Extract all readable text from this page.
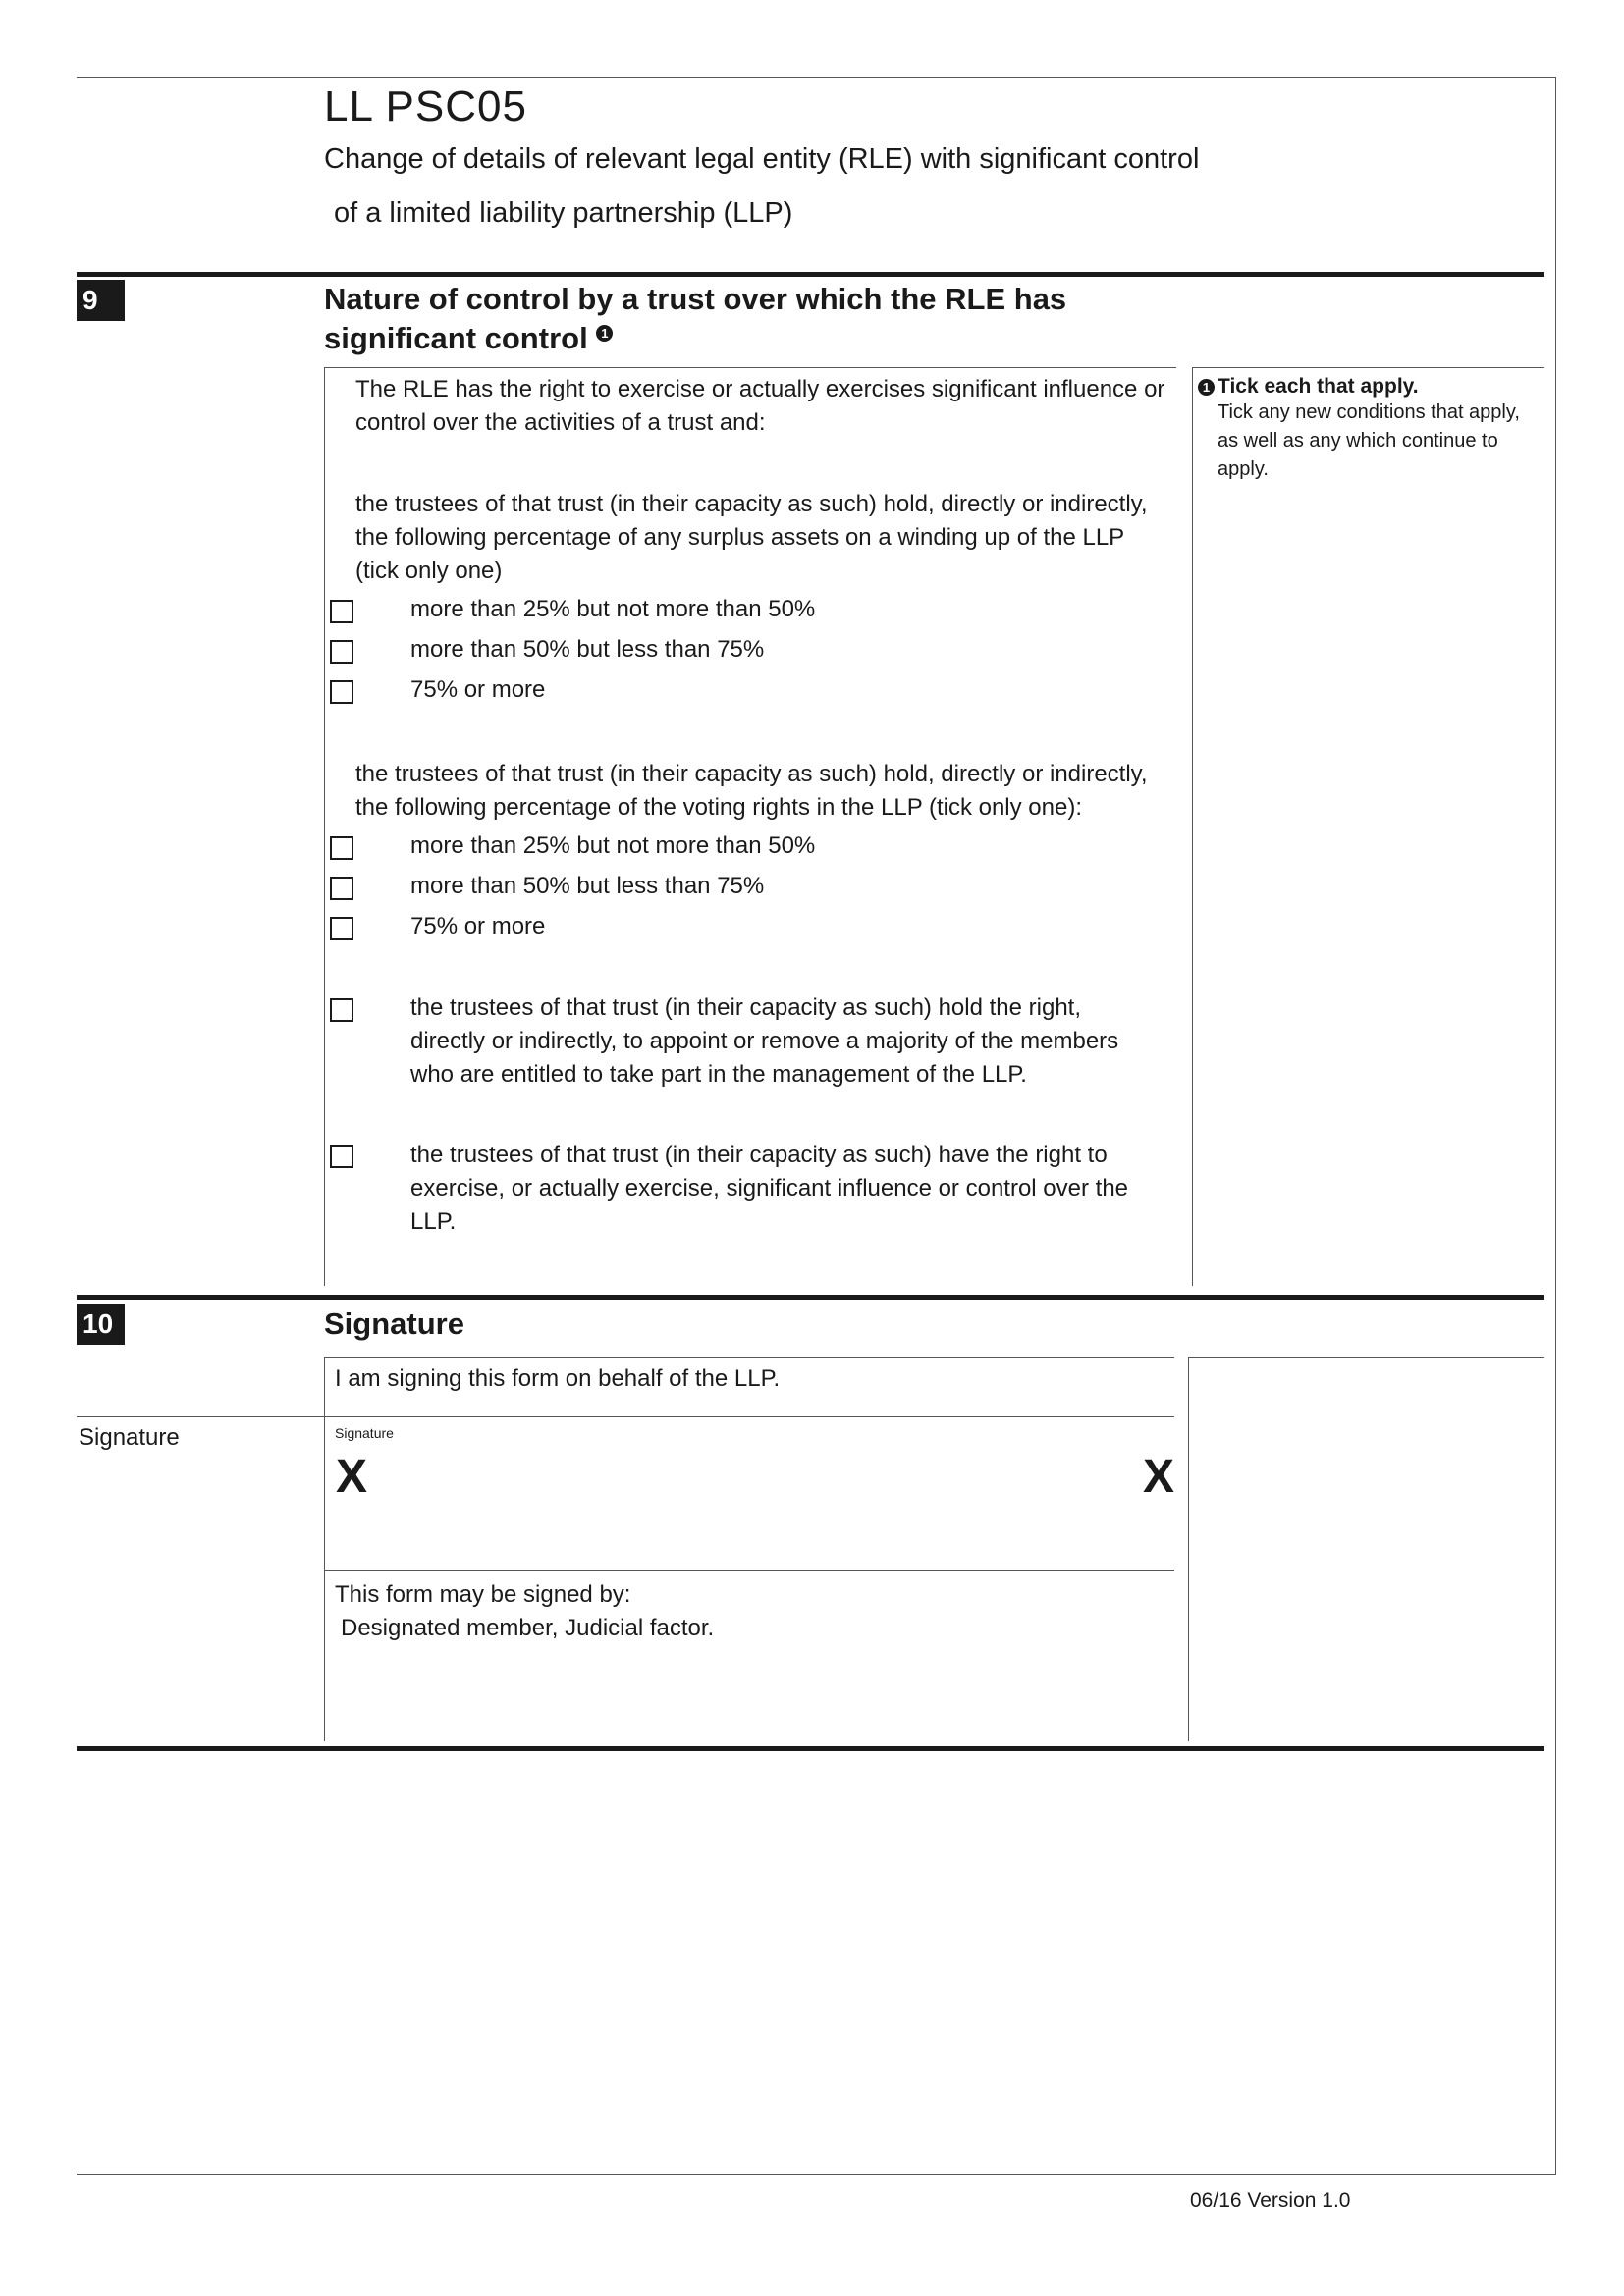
LL PSC05
Change of details of relevant legal entity (RLE) with significant control
of a limited liability partnership (LLP)
9	Nature of control by a trust over which the RLE has
significant control 1
The RLE has the right to exercise or actually exercises significant influence or
control over the activities of a trust and:
the trustees of that trust (in their capacity as such) hold, directly or indirectly,
the following percentage of any surplus assets on a winding up of the LLP
(tick only one)
more than 25% but not more than 50%
more than 50% but less than 75%
75% or more
the trustees of that trust (in their capacity as such) hold, directly or indirectly,
the following percentage of the voting rights in the LLP (tick only one):
more than 25% but not more than 50%
more than 50% but less than 75%
75% or more
the trustees of that trust (in their capacity as such) hold the right,
directly or indirectly, to appoint or remove a majority of the members
who are entitled to take part in the management of the LLP.
the trustees of that trust (in their capacity as such) have the right to
exercise, or actually exercise, significant influence or control over the
LLP.
1 Tick each that apply.
Tick any new conditions that apply,
as well as any which continue to
apply.
10	Signature
I am signing this form on behalf of the LLP.
Signature	Signature
X	X
This form may be signed by:
Designated member, Judicial factor.
06/16 Version 1.0
